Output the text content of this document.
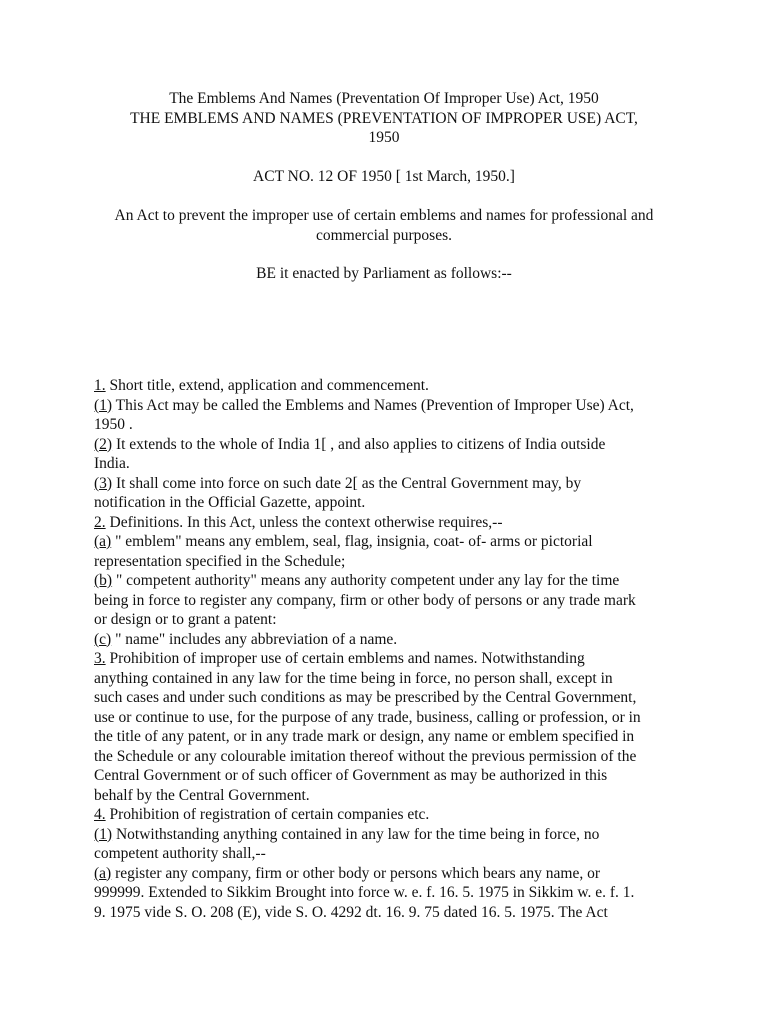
The Emblems And Names (Preventation Of Improper Use) Act, 1950
THE EMBLEMS AND NAMES (PREVENTATION OF IMPROPER USE) ACT,
1950
ACT NO. 12 OF 1950 [ 1st March, 1950.]
An Act to prevent the improper use of certain emblems and names for professional and
commercial purposes.
BE it enacted by Parliament as follows:--

1. Short title, extend, application and commencement.

(1) This Act may be called the Emblems and Names (Prevention of Improper Use) Act,

1950 .

(2) It extends to the whole of India 1[ , and also applies to citizens of India outside

India.

(3) It shall come into force on such date 2[ as the Central Government may, by

notification in the Official Gazette, appoint.

2. Definitions. In this Act, unless the context otherwise requires,--

(a) " emblem" means any emblem, seal, flag, insignia, coat- of- arms or pictorial

representation specified in the Schedule;

(b) " competent authority" means any authority competent under any lay for the time

being in force to register any company, firm or other body of persons or any trade mark

or design or to grant a patent:

(c) " name" includes any abbreviation of a name.

3. Prohibition of improper use of certain emblems and names. Notwithstanding

anything contained in any law for the time being in force, no person shall, except in

such cases and under such conditions as may be prescribed by the Central Government,

use or continue to use, for the purpose of any trade, business, calling or profession, or in

the title of any patent, or in any trade mark or design, any name or emblem specified in

the Schedule or any colourable imitation thereof without the previous permission of the

Central Government or of such officer of Government as may be authorized in this

behalf by the Central Government.

4. Prohibition of registration of certain companies etc.

(1) Notwithstanding anything contained in any law for the time being in force, no

competent authority shall,--

(a) register any company, firm or other body or persons which bears any name, or

999999. Extended to Sikkim Brought into force w. e. f. 16. 5. 1975 in Sikkim w. e. f. 1.

9. 1975 vide S. O. 208 (E), vide S. O. 4292 dt. 16. 9. 75 dated 16. 5. 1975. The Act
